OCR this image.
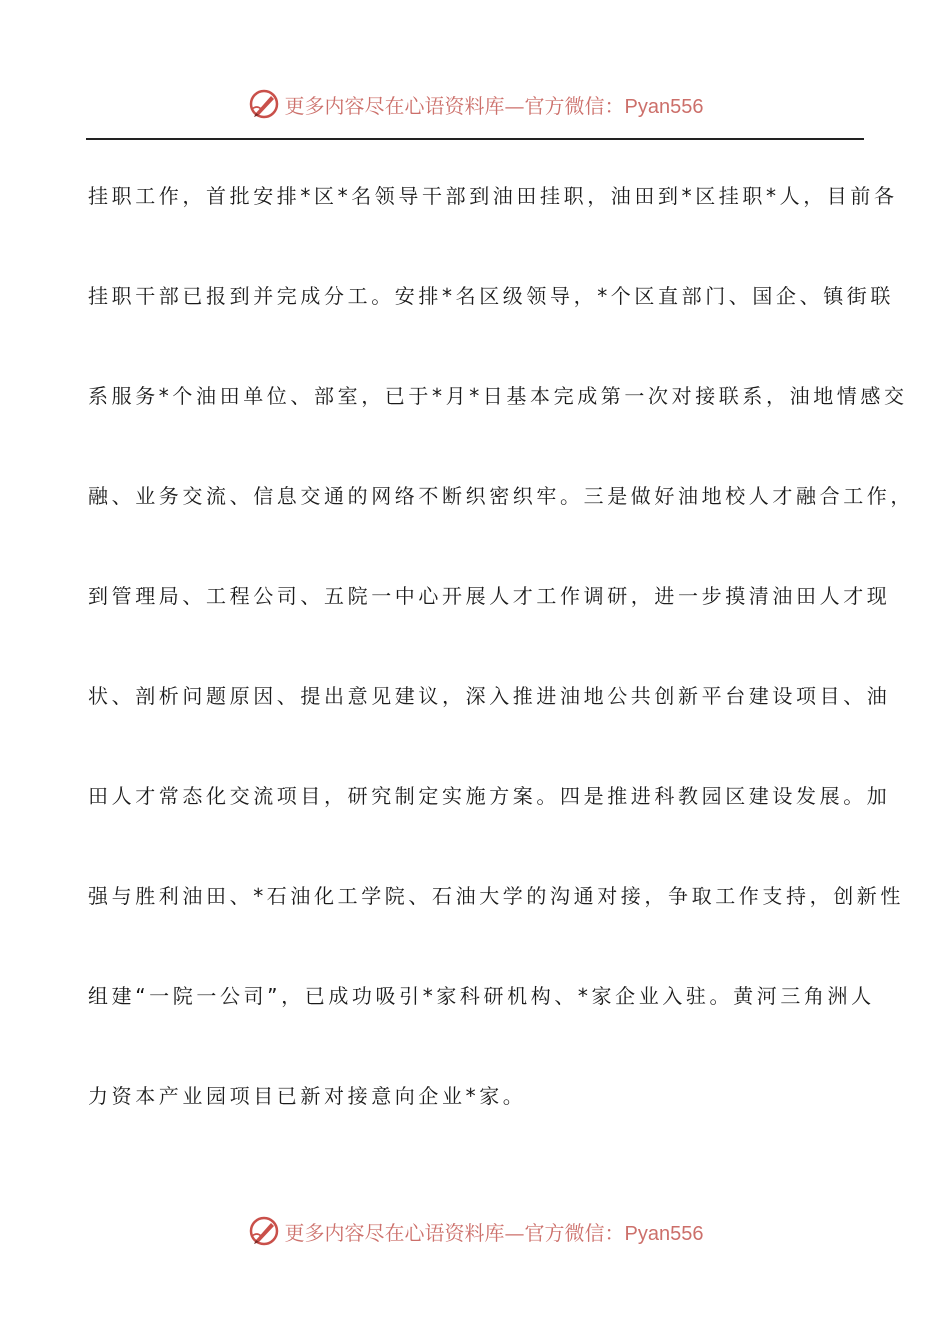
更多内容尽在心语资料库—官方微信：Pyan556
挂职工作，首批安排*区*名领导干部到油田挂职，油田到*区挂职*人，目前各
挂职干部已报到并完成分工。安排*名区级领导，*个区直部门、国企、镇街联
系服务*个油田单位、部室，已于*月*日基本完成第一次对接联系，油地情感交
融、业务交流、信息交通的网络不断织密织牢。三是做好油地校人才融合工作，
到管理局、工程公司、五院一中心开展人才工作调研，进一步摸清油田人才现
状、剖析问题原因、提出意见建议，深入推进油地公共创新平台建设项目、油
田人才常态化交流项目，研究制定实施方案。四是推进科教园区建设发展。加
强与胜利油田、*石油化工学院、石油大学的沟通对接，争取工作支持，创新性
组建“一院一公司”，已成功吸引*家科研机构、*家企业入驻。黄河三角洲人
力资本产业园项目已新对接意向企业*家。
更多内容尽在心语资料库—官方微信：Pyan556
